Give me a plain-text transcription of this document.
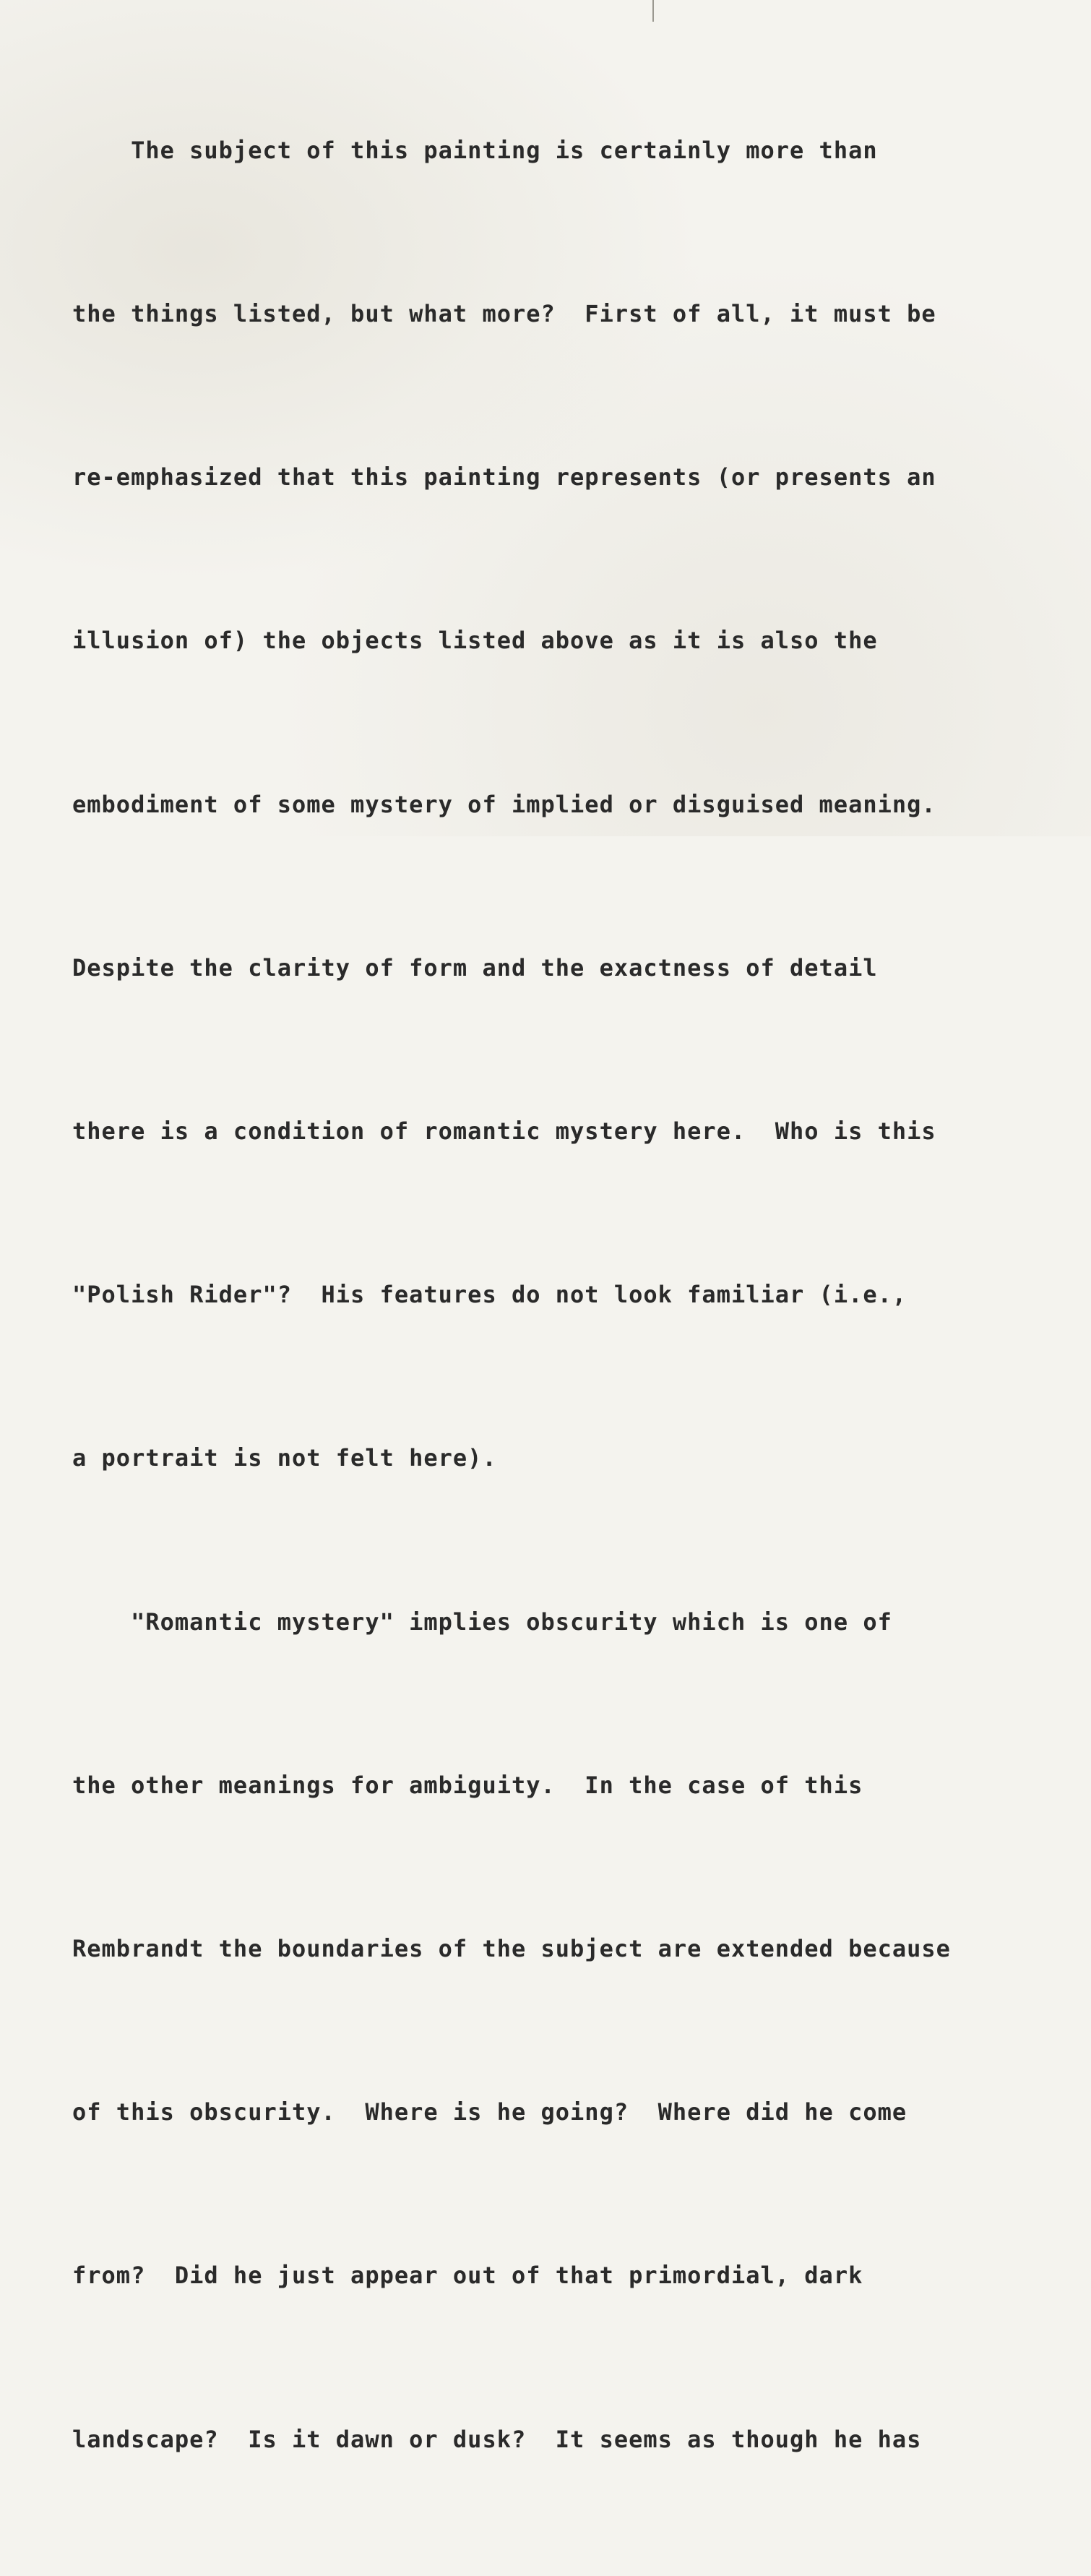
The subject of this painting is certainly more than

the things listed, but what more?  First of all, it must be

re-emphasized that this painting represents (or presents an

illusion of) the objects listed above as it is also the

embodiment of some mystery of implied or disguised meaning.

Despite the clarity of form and the exactness of detail

there is a condition of romantic mystery here.  Who is this

"Polish Rider"?  His features do not look familiar (i.e.,

a portrait is not felt here).

"Romantic mystery" implies obscurity which is one of

the other meanings for ambiguity.  In the case of this

Rembrandt the boundaries of the subject are extended because

of this obscurity.  Where is he going?  Where did he come

from?  Did he just appear out of that primordial, dark

landscape?  Is it dawn or dusk?  It seems as though he has
